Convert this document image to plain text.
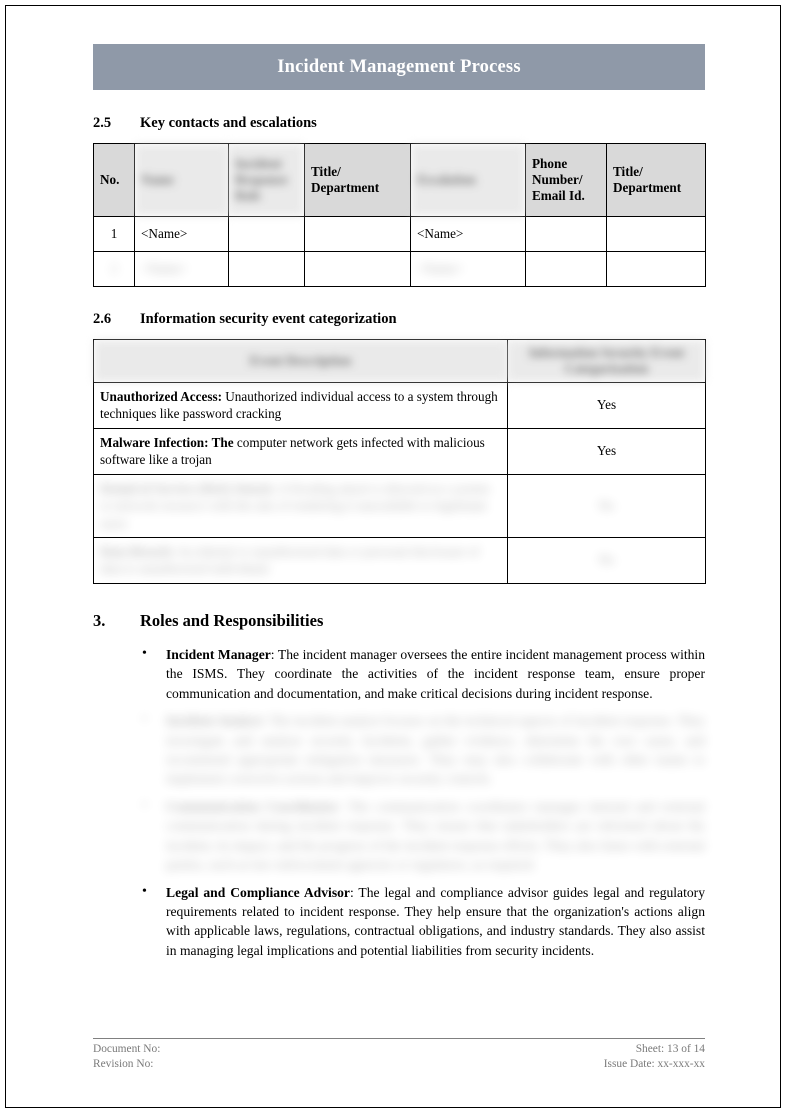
Incident Management Process
2.5	Key contacts and escalations
No.	Name	Incident Response Role	Title/ Department	Escalation	Phone Number/ Email Id.	Title/ Department
1	<Name>			<Name>		
2	<Name>			<Name>		
2.6	Information security event categorization
Event Description	Information Security Event Categorization
Unauthorized Access: Unauthorized individual access to a system through techniques like password cracking	Yes
Malware Infection: The computer network gets infected with malicious software like a trojan	Yes
Denial of Service (DoS) Attack: A flooding attack is directed at a system or network resource with the aim of rendering it unavailable to legitimate users	No
Data Breach: Accidental or unauthorized data or personal disclosure of data to unauthorized individuals	No
3.	Roles and Responsibilities
• Incident Manager: The incident manager oversees the entire incident management process within the ISMS. They coordinate the activities of the incident response team, ensure proper communication and documentation, and make critical decisions during incident response.
• Incident Analyst: The incident analyst focuses on the technical aspects of incident response. They investigate and analyse security incidents, gather evidence, determine the root cause, and recommend appropriate mitigation measures. They may also collaborate with other teams to implement corrective actions and improve security controls.
• Communication Coordinator: The communication coordinator manages internal and external communication during incident response. They ensure that stakeholders are informed about the incident, its impact, and the progress of the incident response efforts. They also liaise with external parties, such as law enforcement agencies or regulators, as required.
• Legal and Compliance Advisor: The legal and compliance advisor guides legal and regulatory requirements related to incident response. They help ensure that the organization's actions align with applicable laws, regulations, contractual obligations, and industry standards. They also assist in managing legal implications and potential liabilities from security incidents.
Document No:	Sheet: 13 of 14
Revision No:	Issue Date: xx-xxx-xx
